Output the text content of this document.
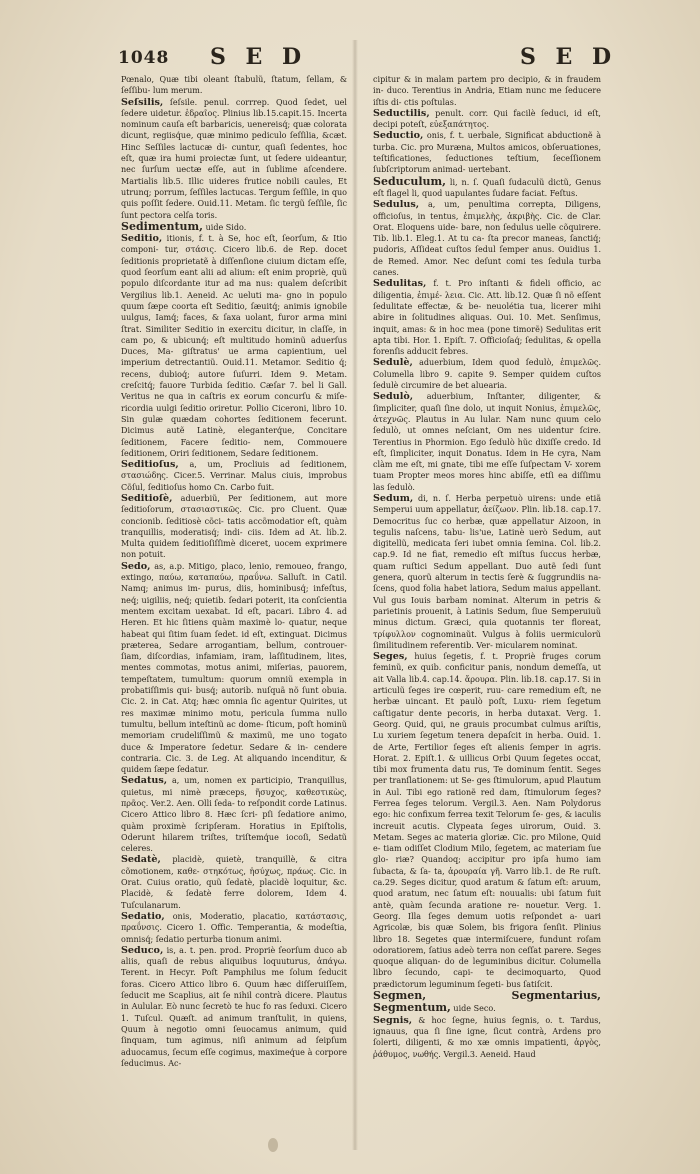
1048 S E D	S E D

Pœnalo, Quæ tibi oleant ſtabulũ, ſtatum, ſellam, & ſeſſibu- lum merum.

Seſsilis, ſeſsile. penul. corrrep. Quod ſedet, uel ſedere uidetur. ἑδραῖος. Plinius lib.15.capit.15. Incerta nominum cauſa eſt barbaricis, uenereisq́; quæ colorata dicunt, regiisq́ue, quæ minimo pediculo ſeſſilia, &cæt. Hinc Seſſiles lactucæ di- cuntur, quaſi ſedentes, hoc eſt, quæ ira humi proiectæ ſunt, ut ſedere uideantur, nec ſurſum uectæ eſſe, aut in ſublime aſcendere. Martialis lib.5. Illic uideres frutice nobili caules, Et utrunq; porrum, ſeſſiles lactucas. Tergum ſeſſile, in quo quis poſſit ſedere. Ouid.11. Metam. ſic tergũ ſeſſile, ſic ſunt pectora celſa toris.

Sedimentum, uide Sido.

Seditio, itionis, f. t. à Se, hoc eſt, ſeorſum, & Itio componi- tur, στάσις. Cicero lib.6. de Rep. docet ſeditionis proprietatẽ à diſſenſione ciuium dictam eſſe, quod ſeorſum eant alii ad alium: eſt enim propriè, quũ populo diſcordante itur ad ma nus: qualem deſcribit Vergilius lib.1. Aeneid. Ac ueluti ma- gno in populo quum ſæpe coorta eſt Seditio, ſæuitq́; animis ignobile uulgus, Iamq́; faces, & ſaxa uolant, furor arma mini ſtrat. Similiter Seditio in exercitu dicitur, in claſſe, in cam po, & ubicunq́; eſt multitudo hominũ aduerſus Duces, Ma- giſtratus' ue arma capientium, uel imperium detrectantiũ. Ouid.11. Metamor. Seditio q́; recens, dubioq́; autore ſuſurri. Idem 9. Metam. creſcitq́; fauore Turbida ſeditio. Cæſar 7. bel li Gall. Veritus ne qua in caſtris ex eorum concurſu & miſe- ricordia uulgi ſeditio oriretur. Pollio Ciceroni, libro 10. Sin gulæ quædam cohortes ſeditionem fecerunt. Dicimus autẽ Latinè, eleganterq́ue, Concitare ſeditionem, Facere ſeditio- nem, Commouere ſeditionem, Oriri ſeditionem, Sedare ſeditionem.

Seditioſus, a, um, Procliuis ad ſeditionem, στασιώδης. Cicer.5. Verrinar. Malus ciuis, improbus Cõſul, ſeditioſus homo Cn. Carbo fuit.

Seditioſè, aduerbiũ, Per ſeditionem, aut more ſeditioſorum, στασιαστικῶς. Cic. pro Cluent. Quæ concionib. ſeditiosè cõci- tatis accõmodatior eſt, quàm tranquillis, moderatisq́; indi- ciis. Idem ad At. lib.2. Multa quidem ſeditioſiſſimè diceret, uocem exprimere non potuit.

Sedo, as, a.p. Mitigo, placo, lenio, remoueo, frango, extingo, παύω, καταπαύω, πραΰνω. Salluſt. in Catil. Namq; animus im- purus, diis, hominibusq́; infeſtus, neq́; uigiliis, neq́; quietib. ſedari poterit, ita conſcientia mentem excitam uexabat. Id eſt, pacari. Libro 4. ad Heren. Et hic ſitiens quàm maximè lo- quatur, neque habeat qui ſitim ſuam ſedet. id eſt, extinguat. Dicimus præterea, Sedare arrogantiam, bellum, controuer- ſiam, diſcordias, infamiam, iram, laſſitudinem, lites, mentes commotas, motus animi, miſerias, pauorem, tempeſtatem, tumultum: quorum omniũ exempla in probatiſſimis qui- busq́; autorib. nuſquã nõ ſunt obuia. Cic. 2. in Cat. Atq; hæc omnia ſic agentur Quirites, ut res maximæ minimo motu, pericula ſumma nullo tumultu, bellum inteſtinũ ac dome- ſticum, poſt hominũ memoriam crudeliſſimũ & maximũ, me uno togato duce & Imperatore ſedetur. Sedare & in- cendere contraria. Cic. 3. de Leg. At aliquando incenditur, & quidem ſæpe ſedatur.

Sedatus, a, um, nomen ex participio, Tranquillus, quietus, mi nimè præceps, ἥσυχος, καθεστικὼς, πρᾶος. Ver.2. Aen. Olli ſeda- to reſpondit corde Latinus. Cicero Attico libro 8. Hæc ſcri- pſi ſedatiore animo, quàm proximè ſcripſeram. Horatius in Epiſtolis, Oderunt hilarem triſtes, triſtemq́ue iocoſi, Sedatũ celeres.

Sedatè, placidè, quietè, tranquillè, & citra cõmotionem, καθε- στηκότως, ἡσύχως, πράως. Cic. in Orat. Cuius oratio, quũ ſedatè, placidè loquitur, &c. Placidè, & ſedatè ferre dolorem, Idem 4. Tuſculanarum.

Sedatio, onis, Moderatio, placatio, κατάστασις, πραΰνσις. Cicero 1. Offic. Temperantia, & modeſtia, omnisq́; ſedatio perturba tionum animi.

Seduco, is, a. t. pen. prod. Propriè ſeorſum duco ab aliis, quaſi de rebus aliquibus loquuturus, ἀπάγω. Terent. in Hecyr. Poſt Pamphilus me ſolum ſeducit foras. Cicero Attico libro 6. Quum hæc diſſeruiſſem, ſeducit me Scaplius, ait ſe nihil contrà dicere. Plautus in Aulular. Eò nunc ſecretò te huc fo ras ſeduxi. Cicero 1. Tuſcul. Quæſt. ad animum tranſtulit, in quiens, Quum à negotio omni ſeuocamus animum, quid ſinquam, tum agimus, niſi animum ad ſeipſum aduocamus, ſecum eſſe cogimus, maximeq́ue à corpore ſeducimus. Ac-

cipitur & in malam partem pro decipio, & in fraudem in- duco. Terentius in Andria, Etiam nunc me ſeducere iſtis di- ctis poſtulas.

Seductilis, penult. corr. Qui facilè ſeduci, id eſt, decipi poteſt, εὐεξαπάτητος.

Seductio, onis, f. t. uerbale, Significat abductionẽ à turba. Cic. pro Muræna, Multos amicos, obſeruationes, teſtificationes, ſeductiones teſtium, ſeceſſionem ſubſcriptorum animad- uertebant.

Seduculum, li, n. ſ. Quaſi ſudaculũ dictũ, Genus eſt flagel li, quod uapulantes ſudare faciat. Feſtus.

Sedulus, a, um, penultima correpta, Diligens, officioſus, in tentus, ἐπιμελὴς, ἀκριβὴς. Cic. de Clar. Orat. Eloquens uide- bare, non ſedulus uelle cõquirere. Tib. lib.1. Eleg.1. At tu ca- ſta precor maneas, ſanctiq́; pudoris, Aſſideat cuſtos ſedul ſemper anus. Ouidius 1. de Remed. Amor. Nec deſunt comi tes ſedula turba canes.

Sedulitas, f. t. Pro inſtanti & fideli officio, ac diligentia, ἐπιμέ- λεια. Cic. Att. lib.12. Quæ ſi nõ eſſent ſedulitate effectæ, & be- neuolétia tua, licerer mihi abire in ſolitudines aliquas. Oui. 10. Met. Senſimus, inquit, amas: & in hoc mea (pone timorẽ) Sedulitas erit apta tibi. Hor. 1. Epiſt. 7. Officioſaq́; ſedulitas, & opella forenſis adducit febres.

Sedulè, aduerbium, Idem quod ſedulò, ἐπιμελῶς. Columella libro 9. capite 9. Semper quidem cuſtos ſedulè circumire de bet aluearia.

Sedulò, aduerbium, Inſtanter, diligenter, & ſimpliciter, quaſi ſine dolo, ut inquit Nonius, ἐπιμελῶς, ἀτεχνῶς. Plautus in Au lular. Nam nunc quum celo ſedulò, ut omnes neſciant, Om nes uidentur ſcire. Terentius in Phormion. Ego ſedulò hũc dixiſſe credo. Id eſt, ſimpliciter, inquit Donatus. Idem in He cyra, Nam clàm me eſt, mi gnate, tibi me eſſe ſuſpectam V- xorem tuam Propter meos mores hinc abiſſe, etſi ea diſſimu las ſedulò.

Sedum, di, n. ſ. Herba perpetuò uirens: unde etiã Semperui uum appellatur, ἀείζωον. Plin. lib.18. cap.17. Democritus ſuc co herbæ, quæ appellatur Aizoon, in tegulis naſcens, tabu- lis'ue, Latinè uerò Sedum, aut digitellũ, medicata ſeri iubet omnia ſemina. Col. lib.2. cap.9. Id ne fiat, remedio eſt miſtus ſuccus herbæ, quam ruſtici Sedum appellant. Duo autẽ ſedi ſunt genera, quorũ alterum in tectis ſerè & ſuggrundiis na- ſcens, quod folia habet latiora, Sedum maius appellant. Vul gus Iouis barbam nominat. Alterum in petris & parietinis prouenit, à Latinis Sedum, ſiue Semperuiuũ minus dictum. Græci, quia quotannis ter floreat, τρίφυλλον cognominaũt. Vulgus à foliis uermiculorũ ſimilitudinem referentib. Ver- micularem nominat.

Seges, huius ſegetis, f. t. Propriè fruges corum feminũ, ex quib. conficitur panis, nondum demeſſa, ut ait Valla lib.4. cap.14. ἄρουρα. Plin. lib.18. cap.17. Si in articulũ ſeges ire cœperit, ruu- care remedium eſt, ne herbæ uincant. Et paulò poſt, Luxu- riem ſegetum caſtigatur dente pecoris, in herba dutaxat. Verg. 1. Georg. Quid, qui, ne grauis procumbat culmus ariſtis, Lu xuriem ſegetum tenera depaſcit in herba. Ouid. 1. de Arte, Fertilior ſeges eſt alienis ſemper in agris. Horat. 2. Epiſt.1. & uillicus Orbi Quum ſegetes occat, tibi mox frumenta datu rus, Te dominum ſentit. Seges per tranſlationem: ut Se- ges ſtimulorum, apud Plautum in Aul. Tibi ego rationẽ red dam, ſtimulorum ſeges? Ferrea ſeges telorum. Vergil.3. Aen. Nam Polydorus ego: hic confixum ferrea texit Telorum ſe- ges, & iaculis increuit acutis. Clypeata ſeges uirorum, Ouid. 3. Metam. Seges ac materia gloriæ. Cic. pro Milone, Quid e- tiam odiſſet Clodium Milo, ſegetem, ac materiam ſue glo- riæ? Quandoq; accipitur pro ipſa humo iam ſubacta, & ſa- ta, ἀρουραία γῆ. Varro lib.1. de Re ruſt. ca.29. Seges dicitur, quod aratum & ſatum eſt: aruum, quod aratum, nec ſatum eſt: nouualis: ubi ſatum fuit antè, quàm ſecunda aratione re- nouetur. Verg. 1. Georg. Illa ſeges demum uotis reſpondet a- uari Agricolæ, bis quæ Solem, bis frigora ſenſit. Plinius libro 18. Segetes quæ intermiſcuere, fundunt roſam odoratiorem, ſatius adeò terra non ceſſat parere. Seges quoque aliquan- do de leguminibus dicitur. Columella libro ſecundo, capi- te decimoquarto, Quod prædictorum leguminum ſegeti- bus ſatiſcit.

Segmen, Segmentarius, Segmentum, uide Seco.

Segnis, & hoc ſegne, huius ſegnis, o. t. Tardus, ignauus, qua ſi ſine igne, ſicut contrà, Ardens pro ſolerti, diligenti, & mo xæ omnis impatienti, ἀργὸς, ῥάθυμος, νωθής. Vergil.3. Aeneid. Haud
